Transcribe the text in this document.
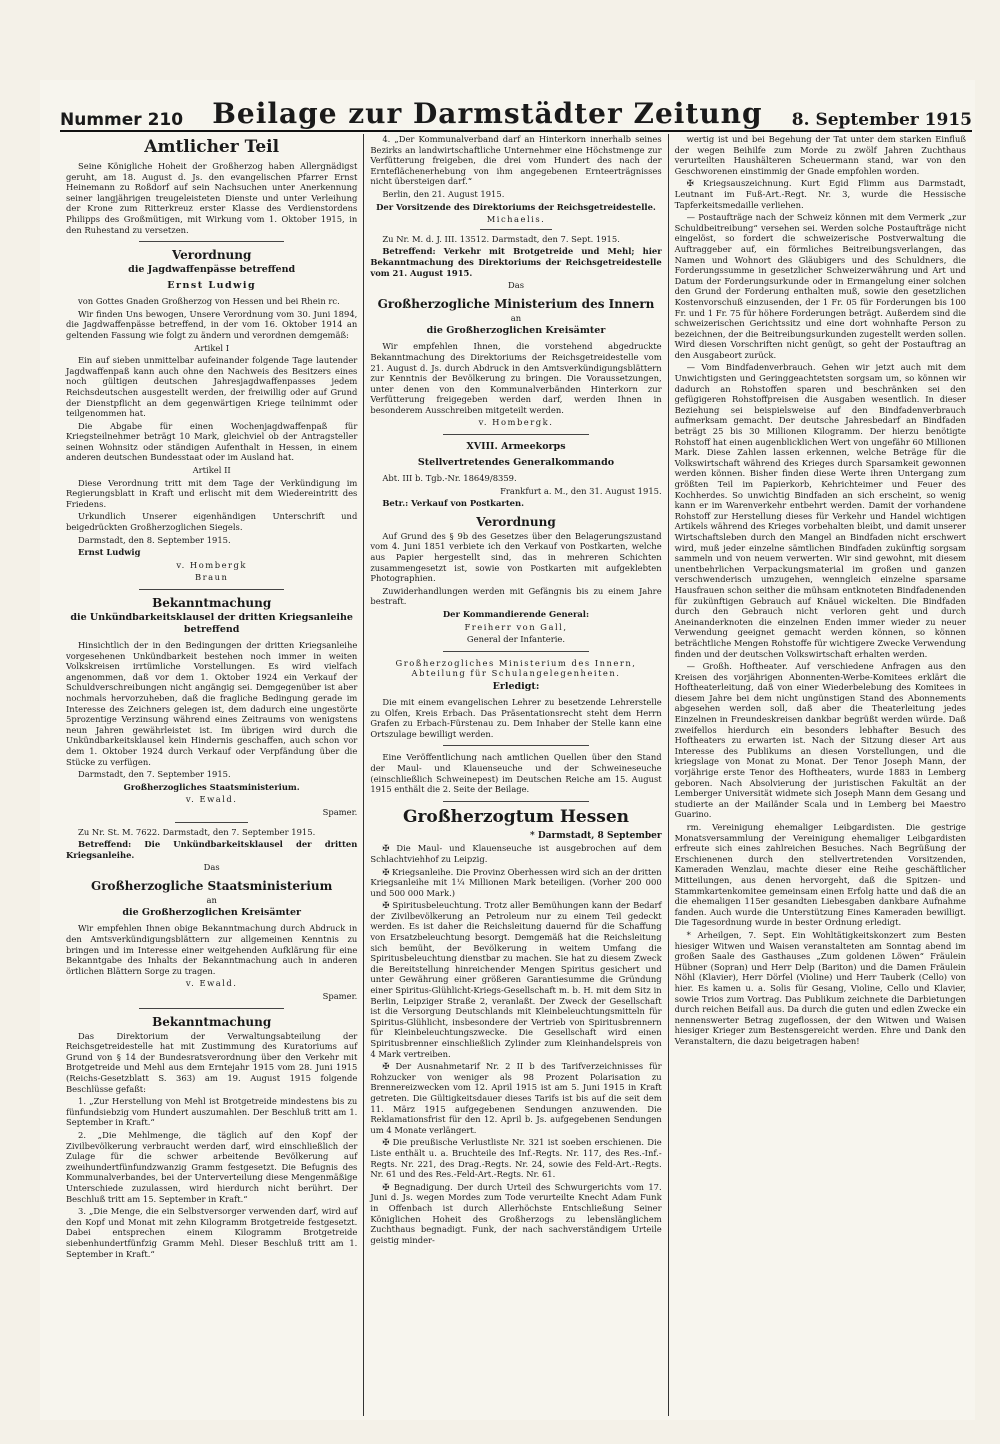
Nummer 210 Beilage zur Darmstädter Zeitung 8. September 1915
Amtlicher Teil

Seine Königliche Hoheit der Großherzog haben Allergnädigst geruht, am 18. August d. Js. den evangelischen Pfarrer Ernst Heinemann zu Roßdorf auf sein Nachsuchen unter Anerkennung seiner langjährigen treugeleisteten Dienste und unter Verleihung der Krone zum Ritterkreuz erster Klasse des Verdienstordens Philipps des Großmütigen, mit Wirkung vom 1. Oktober 1915, in den Ruhestand zu versetzen.

Verordnung
die Jagdwaffenpässe betreffend
Ernst Ludwig

von Gottes Gnaden Großherzog von Hessen und bei Rhein rc.

Wir finden Uns bewogen, Unsere Verordnung vom 30. Juni 1894, die Jagdwaffenpässe betreffend, in der vom 16. Oktober 1914 an geltenden Fassung wie folgt zu ändern und verordnen demgemäß:

Artikel I

Ein auf sieben unmittelbar aufeinander folgende Tage lautender Jagdwaffenpaß kann auch ohne den Nachweis des Besitzers eines noch gültigen deutschen Jahresjagdwaffenpasses jedem Reichsdeutschen ausgestellt werden, der freiwillig oder auf Grund der Dienstpflicht an dem gegenwärtigen Kriege teilnimmt oder teilgenommen hat.

Die Abgabe für einen Wochenjagdwaffenpaß für Kriegsteilnehmer beträgt 10 Mark, gleichviel ob der Antragsteller seinen Wohnsitz oder ständigen Aufenthalt in Hessen, in einem anderen deutschen Bundesstaat oder im Ausland hat.

Artikel II

Diese Verordnung tritt mit dem Tage der Verkündigung im Regierungsblatt in Kraft und erlischt mit dem Wiedereintritt des Friedens.

Urkundlich Unserer eigenhändigen Unterschrift und beigedrückten Großherzoglichen Siegels.

Darmstadt, den 8. September 1915.

Ernst Ludwig

v. Hombergk

Braun

Bekanntmachung
die Unkündbarkeitsklausel der dritten Kriegsanleihe betreffend

Hinsichtlich der in den Bedingungen der dritten Kriegsanleihe vorgesehenen Unkündbarkeit bestehen noch immer in weiten Volkskreisen irrtümliche Vorstellungen. Es wird vielfach angenommen, daß vor dem 1. Oktober 1924 ein Verkauf der Schuldverschreibungen nicht angängig sei. Demgegenüber ist aber nochmals hervorzuheben, daß die fragliche Bedingung gerade im Interesse des Zeichners gelegen ist, dem dadurch eine ungestörte 5prozentige Verzinsung während eines Zeitraums von wenigstens neun Jahren gewährleistet ist. Im übrigen wird durch die Unkündbarkeitsklausel kein Hindernis geschaffen, auch schon vor dem 1. Oktober 1924 durch Verkauf oder Verpfändung über die Stücke zu verfügen.

Darmstadt, den 7. September 1915.

Großherzogliches Staatsministerium.

v. Ewald.

Spamer.

Zu Nr. St. M. 7622. Darmstadt, den 7. September 1915.

Betreffend: Die Unkündbarkeitsklausel der dritten Kriegsanleihe.

Das

Großherzogliche Staatsministerium

an

die Großherzoglichen Kreisämter

Wir empfehlen Ihnen obige Bekanntmachung durch Abdruck in den Amtsverkündigungsblättern zur allgemeinen Kenntnis zu bringen und im Interesse einer weitgehenden Aufklärung für eine Bekanntgabe des Inhalts der Bekanntmachung auch in anderen örtlichen Blättern Sorge zu tragen.

v. Ewald.

Spamer.

Bekanntmachung

Das Direktorium der Verwaltungsabteilung der Reichsgetreidestelle hat mit Zustimmung des Kuratoriums auf Grund von § 14 der Bundesratsverordnung über den Verkehr mit Brotgetreide und Mehl aus dem Erntejahr 1915 vom 28. Juni 1915 (Reichs-Gesetzblatt S. 363) am 19. August 1915 folgende Beschlüsse gefaßt:

1. „Zur Herstellung von Mehl ist Brotgetreide mindestens bis zu fünfundsiebzig vom Hundert auszumahlen. Der Beschluß tritt am 1. September in Kraft.“

2. „Die Mehlmenge, die täglich auf den Kopf der Zivilbevölkerung verbraucht werden darf, wird einschließlich der Zulage für die schwer arbeitende Bevölkerung auf zweihundertfünfundzwanzig Gramm festgesetzt. Die Befugnis des Kommunalverbandes, bei der Unterverteilung diese Mengenmäßige Unterschiede zuzulassen, wird hierdurch nicht berührt. Der Beschluß tritt am 15. September in Kraft.“

3. „Die Menge, die ein Selbstversorger verwenden darf, wird auf den Kopf und Monat mit zehn Kilogramm Brotgetreide festgesetzt. Dabei entsprechen einem Kilogramm Brotgetreide siebenhundertfünfzig Gramm Mehl. Dieser Beschluß tritt am 1. September in Kraft.“

4. „Der Kommunalverband darf an Hinterkorn innerhalb seines Bezirks an landwirtschaftliche Unternehmer eine Höchstmenge zur Verfütterung freigeben, die drei vom Hundert des nach der Ernteflächenerhebung von ihm angegebenen Ernteerträgnisses nicht übersteigen darf.“

Berlin, den 21. August 1915.

Der Vorsitzende des Direktoriums der Reichsgetreidestelle.

Michaelis.

Zu Nr. M. d. J. III. 13512. Darmstadt, den 7. Sept. 1915.

Betreffend: Verkehr mit Brotgetreide und Mehl; hier Bekanntmachung des Direktoriums der Reichsgetreidestelle vom 21. August 1915.

Das

Großherzogliche Ministerium des Innern

an

die Großherzoglichen Kreisämter

Wir empfehlen Ihnen, die vorstehend abgedruckte Bekanntmachung des Direktoriums der Reichsgetreidestelle vom 21. August d. Js. durch Abdruck in den Amtsverkündigungsblättern zur Kenntnis der Bevölkerung zu bringen. Die Voraussetzungen, unter denen von den Kommunalverbänden Hinterkorn zur Verfütterung freigegeben werden darf, werden Ihnen in besonderem Ausschreiben mitgeteilt werden.

v. Hombergk.

XVIII. Armeekorps
Stellvertretendes Generalkommando

Abt. III b. Tgb.-Nr. 18649/8359.

Frankfurt a. M., den 31. August 1915.

Betr.: Verkauf von Postkarten.

Verordnung

Auf Grund des § 9b des Gesetzes über den Belagerungszustand vom 4. Juni 1851 verbiete ich den Verkauf von Postkarten, welche aus Papier hergestellt sind, das in mehreren Schichten zusammengesetzt ist, sowie von Postkarten mit aufgeklebten Photographien.

Zuwiderhandlungen werden mit Gefängnis bis zu einem Jahre bestraft.

Der Kommandierende General:

Freiherr von Gall,

General der Infanterie.

Großherzogliches Ministerium des Innern, Abteilung für Schulangelegenheiten.

Erledigt:

Die mit einem evangelischen Lehrer zu besetzende Lehrerstelle zu Olfen, Kreis Erbach. Das Präsentationsrecht steht dem Herrn Grafen zu Erbach-Fürstenau zu. Dem Inhaber der Stelle kann eine Ortszulage bewilligt werden.

Eine Veröffentlichung nach amtlichen Quellen über den Stand der Maul- und Klauenseuche und der Schweineseuche (einschließlich Schweinepest) im Deutschen Reiche am 15. August 1915 enthält die 2. Seite der Beilage.

Großherzogtum Hessen

* Darmstadt, 8 September

✠ Die Maul- und Klauenseuche ist ausgebrochen auf dem Schlachtviehhof zu Leipzig.

✠ Kriegsanleihe. Die Provinz Oberhessen wird sich an der dritten Kriegsanleihe mit 1¼ Millionen Mark beteiligen. (Vorher 200 000 und 500 000 Mark.)

✠ Spiritusbeleuchtung. Trotz aller Bemühungen kann der Bedarf der Zivilbevölkerung an Petroleum nur zu einem Teil gedeckt werden. Es ist daher die Reichsleitung dauernd für die Schaffung von Ersatzbeleuchtung besorgt. Demgemäß hat die Reichsleitung sich bemüht, der Bevölkerung in weitem Umfang die Spiritusbeleuchtung dienstbar zu machen. Sie hat zu diesem Zweck die Bereitstellung hinreichender Mengen Spiritus gesichert und unter Gewährung einer größeren Garantiesumme die Gründung einer Spiritus-Glühlicht-Kriegs-Gesellschaft m. b. H. mit dem Sitz in Berlin, Leipziger Straße 2, veranlaßt. Der Zweck der Gesellschaft ist die Versorgung Deutschlands mit Kleinbeleuchtungsmitteln für Spiritus-Glühlicht, insbesondere der Vertrieb von Spiritusbrennern für Kleinbeleuchtungszwecke. Die Gesellschaft wird einen Spiritusbrenner einschließlich Zylinder zum Kleinhandelspreis von 4 Mark vertreiben.

✠ Der Ausnahmetarif Nr. 2 II b des Tarifverzeichnisses für Rohzucker von weniger als 98 Prozent Polarisation zu Brennereizwecken vom 12. April 1915 ist am 5. Juni 1915 in Kraft getreten. Die Gültigkeitsdauer dieses Tarifs ist bis auf die seit dem 11. März 1915 aufgegebenen Sendungen anzuwenden. Die Reklamationsfrist für den 12. April b. Js. aufgegebenen Sendungen um 4 Monate verlängert.

✠ Die preußische Verlustliste Nr. 321 ist soeben erschienen. Die Liste enthält u. a. Bruchteile des Inf.-Regts. Nr. 117, des Res.-Inf.-Regts. Nr. 221, des Drag.-Regts. Nr. 24, sowie des Feld-Art.-Regts. Nr. 61 und des Res.-Feld-Art.-Regts. Nr. 61.

✠ Begnadigung. Der durch Urteil des Schwurgerichts vom 17. Juni d. Js. wegen Mordes zum Tode verurteilte Knecht Adam Funk in Offenbach ist durch Allerhöchste Entschließung Seiner Königlichen Hoheit des Großherzogs zu lebenslänglichem Zuchthaus begnadigt. Funk, der nach sachverständigem Urteile geistig minder-

wertig ist und bei Begehung der Tat unter dem starken Einfluß der wegen Beihilfe zum Morde zu zwölf Jahren Zuchthaus verurteilten Haushälteren Scheuermann stand, war von den Geschworenen einstimmig der Gnade empfohlen worden.

✠ Kriegsauszeichnung. Kurt Egid Flimm aus Darmstadt, Leutnant im Fuß-Art.-Regt. Nr. 3, wurde die Hessische Tapferkeitsmedaille verliehen.

— Postaufträge nach der Schweiz können mit dem Vermerk „zur Schuldbeitreibung“ versehen sei. Werden solche Postaufträge nicht eingelöst, so fordert die schweizerische Postverwaltung die Auftraggeber auf, ein förmliches Beitreibungsverlangen, das Namen und Wohnort des Gläubigers und des Schuldners, die Forderungssumme in gesetzlicher Schweizerwährung und Art und Datum der Forderungsurkunde oder in Ermangelung einer solchen den Grund der Forderung enthalten muß, sowie den gesetzlichen Kostenvorschuß einzusenden, der 1 Fr. 05 für Forderungen bis 100 Fr. und 1 Fr. 75 für höhere Forderungen beträgt. Außerdem sind die schweizerischen Gerichtssitz und eine dort wohnhafte Person zu bezeichnen, der die Beitreibungsurkunden zugestellt werden sollen. Wird diesen Vorschriften nicht genügt, so geht der Postauftrag an den Ausgabeort zurück.

— Vom Bindfadenverbrauch. Gehen wir jetzt auch mit dem Unwichtigsten und Geringgeachtetsten sorgsam um, so können wir dadurch an Rohstoffen sparen und beschränken sei den gefügigeren Rohstoffpreisen die Ausgaben wesentlich. In dieser Beziehung sei beispielsweise auf den Bindfadenverbrauch aufmerksam gemacht. Der deutsche Jahresbedarf an Bindfaden beträgt 25 bis 30 Millionen Kilogramm. Der hierzu benötigte Rohstoff hat einen augenblicklichen Wert von ungefähr 60 Millionen Mark. Diese Zahlen lassen erkennen, welche Beträge für die Volkswirtschaft während des Krieges durch Sparsamkeit gewonnen werden können. Bisher finden diese Werte ihren Untergang zum größten Teil im Papierkorb, Kehrichteimer und Feuer des Kochherdes. So unwichtig Bindfaden an sich erscheint, so wenig kann er im Warenverkehr entbehrt werden. Damit der vorhandene Rohstoff zur Herstellung dieses für Verkehr und Handel wichtigen Artikels während des Krieges vorbehalten bleibt, und damit unserer Wirtschaftsleben durch den Mangel an Bindfaden nicht erschwert wird, muß jeder einzelne sämtlichen Bindfaden zukünftig sorgsam sammeln und von neuem verwerten. Wir sind gewohnt, mit diesem unentbehrlichen Verpackungsmaterial im großen und ganzen verschwenderisch umzugehen, wenngleich einzelne sparsame Hausfrauen schon seither die mühsam entknoteten Bindfadenenden für zukünftigen Gebrauch auf Knäuel wickelten. Die Bindfaden durch den Gebrauch nicht verloren geht und durch Aneinanderknoten die einzelnen Enden immer wieder zu neuer Verwendung geeignet gemacht werden können, so können beträchtliche Mengen Rohstoffe für wichtigere Zwecke Verwendung finden und der deutschen Volkswirtschaft erhalten werden.

— Großh. Hoftheater. Auf verschiedene Anfragen aus den Kreisen des vorjährigen Abonnenten-Werbe-Komitees erklärt die Hoftheaterleitung, daß von einer Wiederbelebung des Komitees in diesem Jahre bei dem nicht ungünstigen Stand des Abonnements abgesehen werden soll, daß aber die Theaterleitung jedes Einzelnen in Freundeskreisen dankbar begrüßt werden würde. Daß zweifellos hierdurch ein besonders lebhafter Besuch des Hoftheaters zu erwarten ist. Nach der Sitzung dieser Art aus Interesse des Publikums an diesen Vorstellungen, und die kriegslage von Monat zu Monat. Der Tenor Joseph Mann, der vorjährige erste Tenor des Hoftheaters, wurde 1883 in Lemberg geboren. Nach Absolvierung der juristischen Fakultät an der Lemberger Universität widmete sich Joseph Mann dem Gesang und studierte an der Mailänder Scala und in Lemberg bei Maestro Guarino.

rm. Vereinigung ehemaliger Leibgardisten. Die gestrige Monatsversammlung der Vereinigung ehemaliger Leibgardisten erfreute sich eines zahlreichen Besuches. Nach Begrüßung der Erschienenen durch den stellvertretenden Vorsitzenden, Kameraden Wenzlau, machte dieser eine Reihe geschäftlicher Mitteilungen, aus denen hervorgeht, daß die Spitzen- und Stammkartenkomitee gemeinsam einen Erfolg hatte und daß die an die ehemaligen 115er gesandten Liebesgaben dankbare Aufnahme fanden. Auch wurde die Unterstützung Eines Kameraden bewilligt. Die Tagesordnung wurde in bester Ordnung erledigt.

* Arheilgen, 7. Sept. Ein Wohltätigkeitskonzert zum Besten hiesiger Witwen und Waisen veranstalteten am Sonntag abend im großen Saale des Gasthauses „Zum goldenen Löwen“ Fräulein Hübner (Sopran) und Herr Delp (Bariton) und die Damen Fräulein Nöhl (Klavier), Herr Dörfel (Violine) und Herr Tauberk (Cello) von hier. Es kamen u. a. Solis für Gesang, Violine, Cello und Klavier, sowie Trios zum Vortrag. Das Publikum zeichnete die Darbietungen durch reichen Beifall aus. Da durch die guten und edlen Zwecke ein nennenswerter Betrag zugeflossen, der den Witwen und Waisen hiesiger Krieger zum Bestensgereicht werden. Ehre und Dank den Veranstaltern, die dazu beigetragen haben!
